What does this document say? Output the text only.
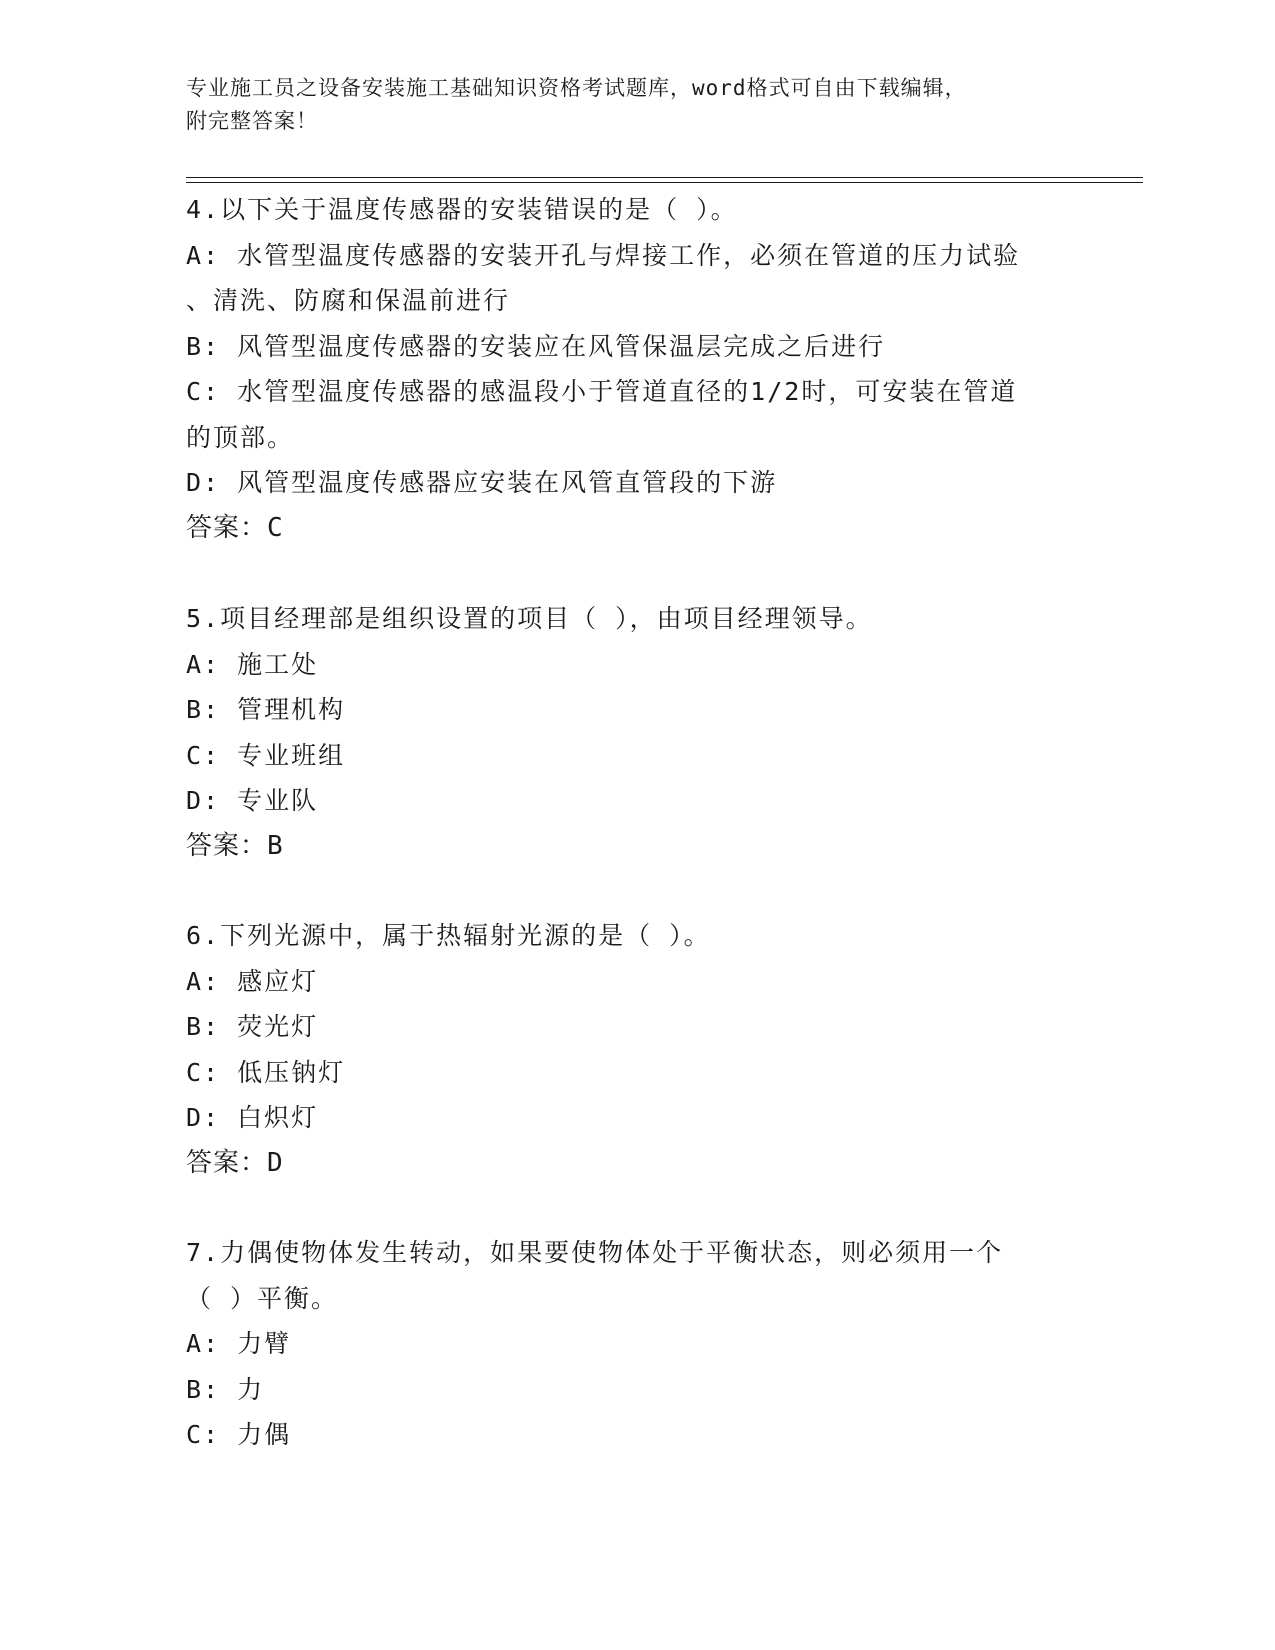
专业施工员之设备安装施工基础知识资格考试题库，word格式可自由下载编辑，
附完整答案！
4.以下关于温度传感器的安装错误的是（ ）。
A: 水管型温度传感器的安装开孔与焊接工作，必须在管道的压力试验
、清洗、防腐和保温前进行
B: 风管型温度传感器的安装应在风管保温层完成之后进行
C: 水管型温度传感器的感温段小于管道直径的1/2时，可安装在管道
的顶部。
D: 风管型温度传感器应安装在风管直管段的下游
答案：C
5.项目经理部是组织设置的项目（ ），由项目经理领导。
A: 施工处
B: 管理机构
C: 专业班组
D: 专业队
答案：B
6.下列光源中，属于热辐射光源的是（ ）。
A: 感应灯
B: 荧光灯
C: 低压钠灯
D: 白炽灯
答案：D
7.力偶使物体发生转动，如果要使物体处于平衡状态，则必须用一个
（ ）平衡。
A: 力臂
B: 力
C: 力偶
